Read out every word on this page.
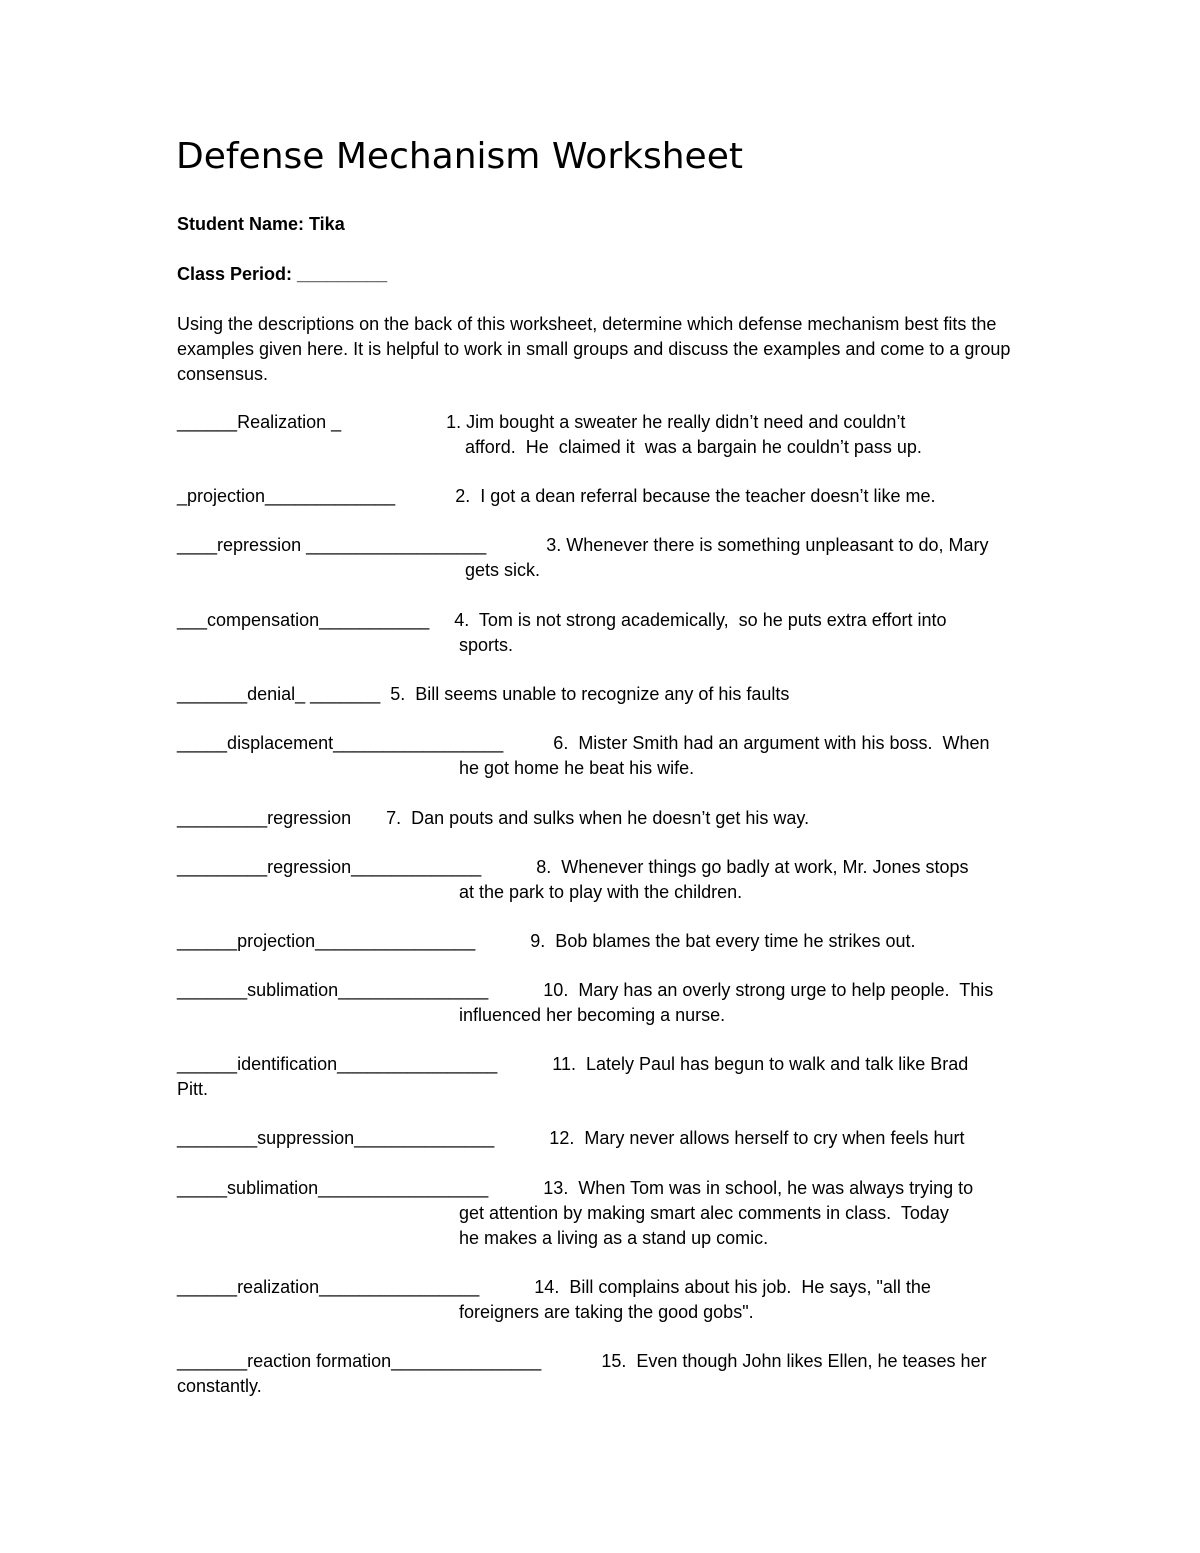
Defense Mechanism Worksheet
Student Name: Tika
Class Period: _________
Using the descriptions on the back of this worksheet, determine which defense mechanism best fits the examples given here. It is helpful to work in small groups and discuss the examples and come to a group consensus.
______Realization _                     1. Jim bought a sweater he really didn’t need and couldn’t
afford.  He  claimed it  was a bargain he couldn’t pass up.
_projection_____________            2.  I got a dean referral because the teacher doesn’t like me.
____repression __________________            3. Whenever there is something unpleasant to do, Mary
gets sick.
___compensation___________     4.  Tom is not strong academically,  so he puts extra effort into
sports.
_______denial_ _______  5.  Bill seems unable to recognize any of his faults
_____displacement_________________          6.  Mister Smith had an argument with his boss.  When
he got home he beat his wife.
_________regression       7.  Dan pouts and sulks when he doesn’t get his way.
_________regression_____________           8.  Whenever things go badly at work, Mr. Jones stops
at the park to play with the children.
______projection________________           9.  Bob blames the bat every time he strikes out.
_______sublimation_______________           10.  Mary has an overly strong urge to help people.  This
influenced her becoming a nurse.
______identification________________           11.  Lately Paul has begun to walk and talk like Brad
Pitt.
________suppression______________           12.  Mary never allows herself to cry when feels hurt
_____sublimation_________________           13.  When Tom was in school, he was always trying to
get attention by making smart alec comments in class.  Today
he makes a living as a stand up comic.
______realization________________           14.  Bill complains about his job.  He says, "all the
foreigners are taking the good gobs".
_______reaction formation_______________            15.  Even though John likes Ellen, he teases her
constantly.
